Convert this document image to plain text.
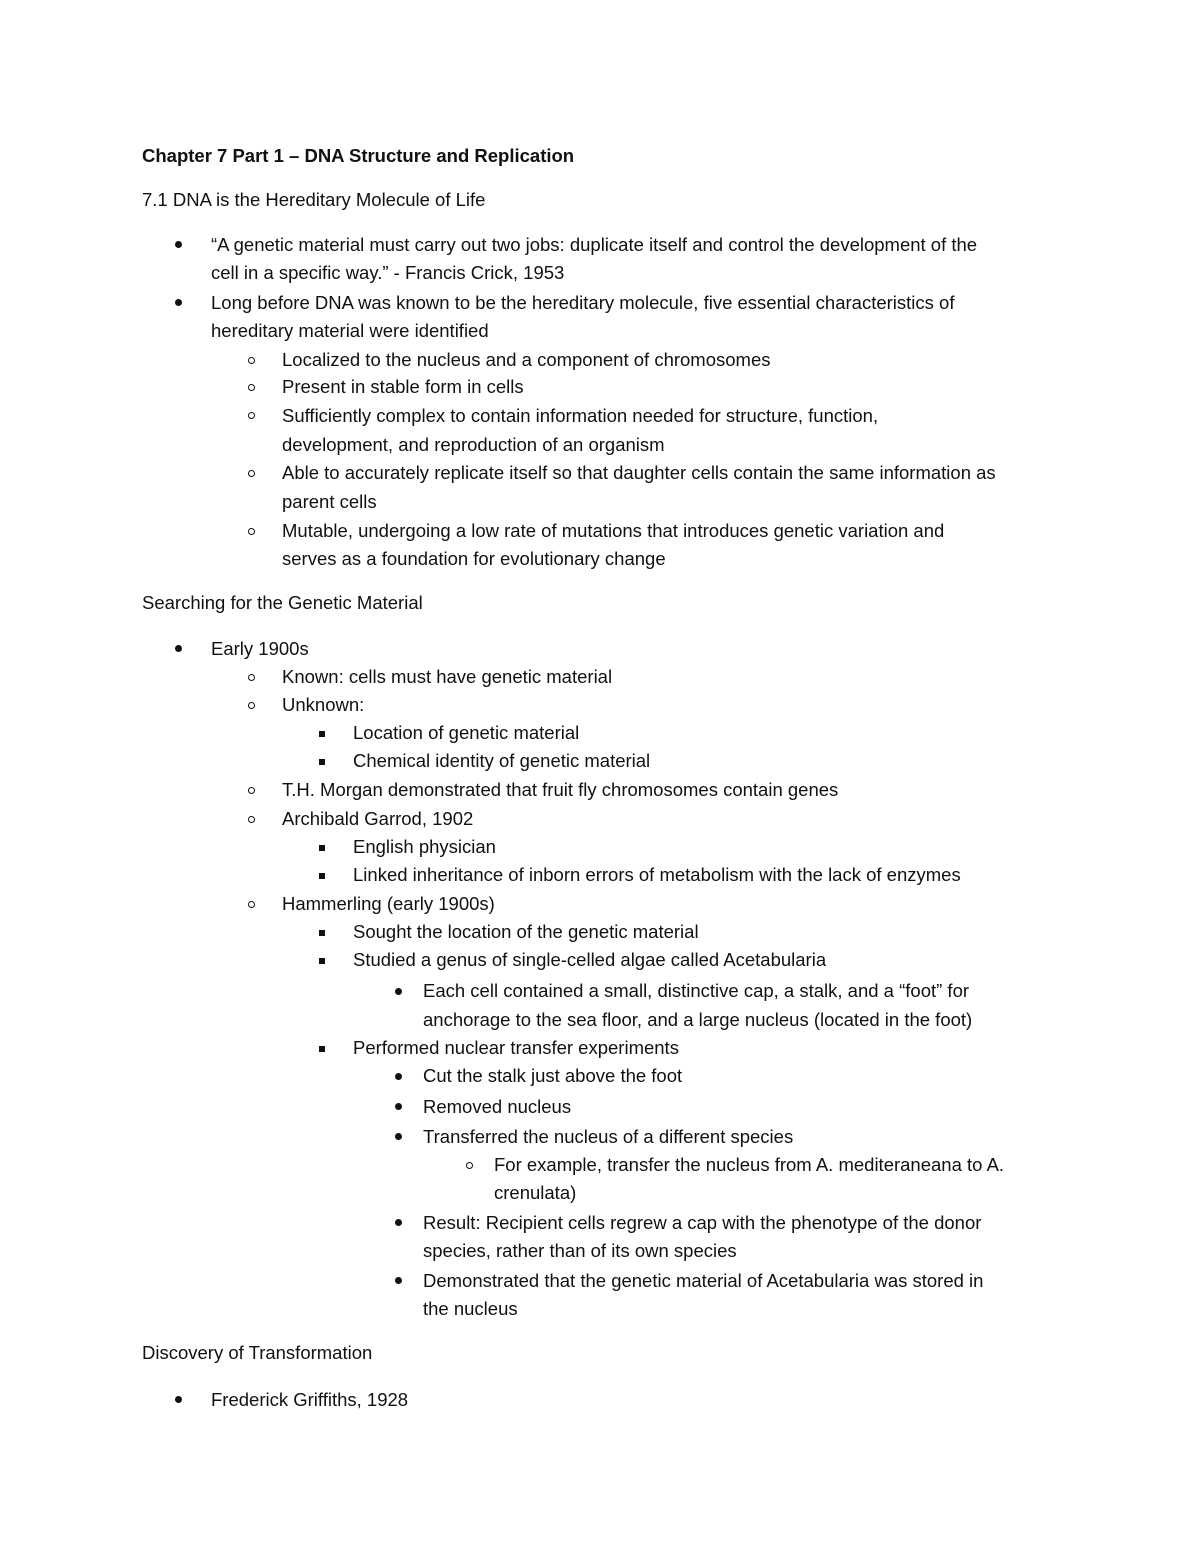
Chapter 7 Part 1 – DNA Structure and Replication
7.1 DNA is the Hereditary Molecule of Life
“A genetic material must carry out two jobs: duplicate itself and control the development of the
cell in a specific way.” - Francis Crick, 1953
Long before DNA was known to be the hereditary molecule, five essential characteristics of
hereditary material were identified
Localized to the nucleus and a component of chromosomes
Present in stable form in cells
Sufficiently complex to contain information needed for structure, function,
development, and reproduction of an organism
Able to accurately replicate itself so that daughter cells contain the same information as
parent cells
Mutable, undergoing a low rate of mutations that introduces genetic variation and
serves as a foundation for evolutionary change
Searching for the Genetic Material
Early 1900s
Known: cells must have genetic material
Unknown:
Location of genetic material
Chemical identity of genetic material
T.H. Morgan demonstrated that fruit fly chromosomes contain genes
Archibald Garrod, 1902
English physician
Linked inheritance of inborn errors of metabolism with the lack of enzymes
Hammerling (early 1900s)
Sought the location of the genetic material
Studied a genus of single-celled algae called Acetabularia
Each cell contained a small, distinctive cap, a stalk, and a “foot” for
anchorage to the sea floor, and a large nucleus (located in the foot)
Performed nuclear transfer experiments
Cut the stalk just above the foot
Removed nucleus
Transferred the nucleus of a different species
For example, transfer the nucleus from A. mediteraneana to A.
crenulata)
Result: Recipient cells regrew a cap with the phenotype of the donor
species, rather than of its own species
Demonstrated that the genetic material of Acetabularia was stored in
the nucleus
Discovery of Transformation
Frederick Griffiths, 1928
